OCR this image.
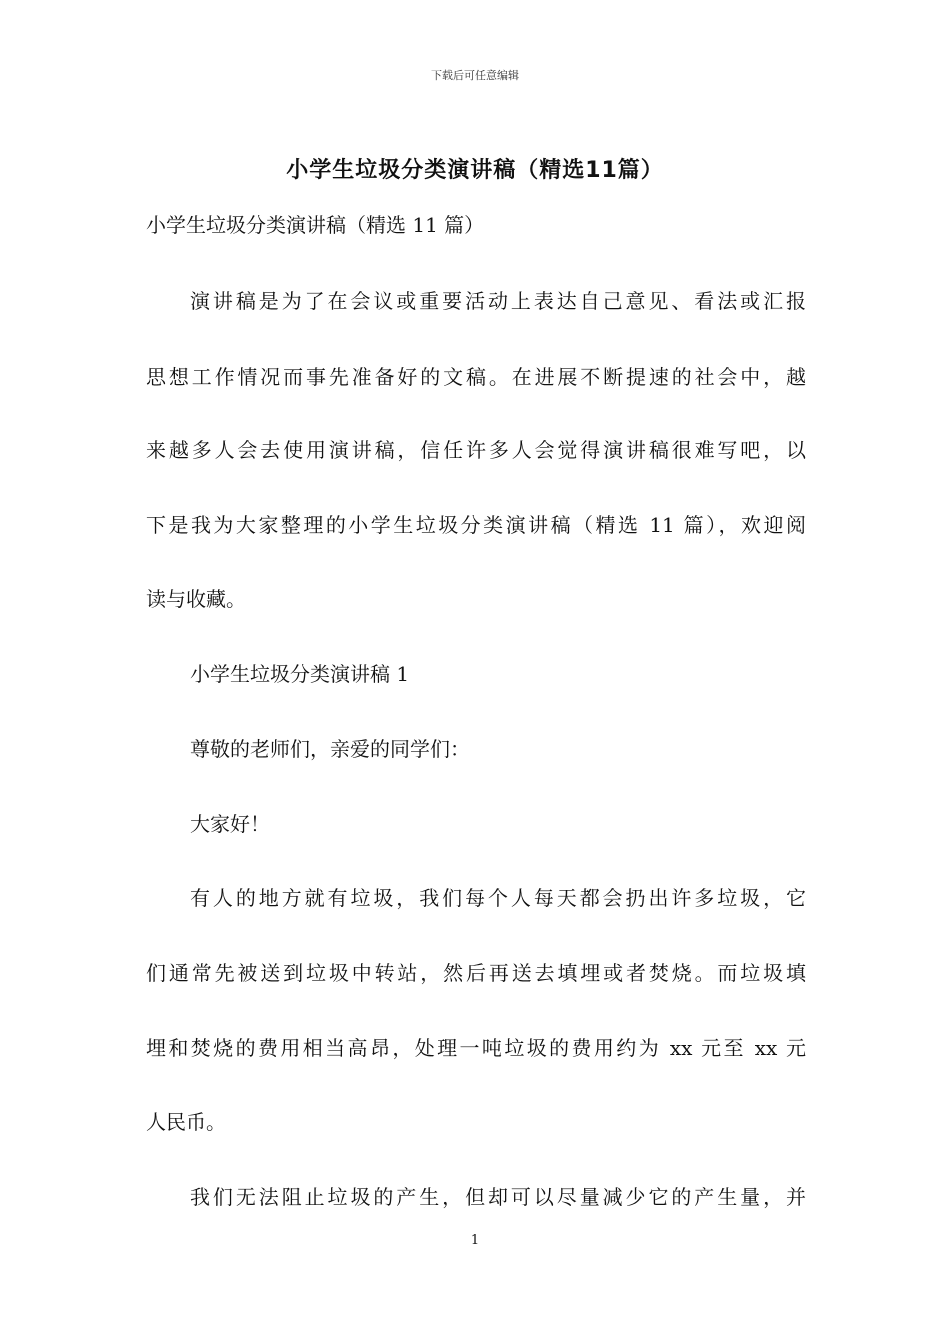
下载后可任意编辑
小学生垃圾分类演讲稿（精选11篇）
小学生垃圾分类演讲稿（精选 11 篇）
演讲稿是为了在会议或重要活动上表达自己意见、看法或汇报
思想工作情况而事先准备好的文稿。在进展不断提速的社会中，越
来越多人会去使用演讲稿，信任许多人会觉得演讲稿很难写吧，以
下是我为大家整理的小学生垃圾分类演讲稿（精选 11 篇），欢迎阅
读与收藏。
小学生垃圾分类演讲稿 1
尊敬的老师们，亲爱的同学们：
大家好！
有人的地方就有垃圾，我们每个人每天都会扔出许多垃圾，它
们通常先被送到垃圾中转站，然后再送去填埋或者焚烧。而垃圾填
埋和焚烧的费用相当高昂，处理一吨垃圾的费用约为 xx 元至 xx 元
人民币。
我们无法阻止垃圾的产生，但却可以尽量减少它的产生量，并
1
